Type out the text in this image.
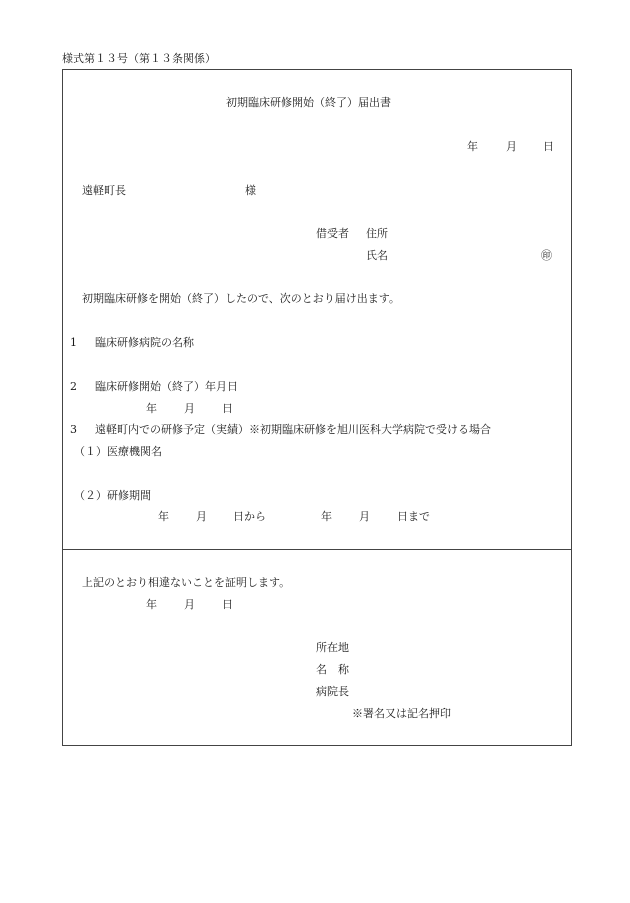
様式第１３号（第１３条関係）
初期臨床研修開始（終了）届出書
年	月 日
遠軽町長	様
借受者 住所
氏名	㊞
初期臨床研修を開始（終了）したので、次のとおり届け出ます。
1 臨床研修病院の名称
2 臨床研修開始（終了）年月日
年 月 日
3 遠軽町内での研修予定（実績）※初期臨床研修を旭川医科大学病院で受ける場合
（１）医療機関名
（２）研修期間
年 月 日から	年 月 日まで
上記のとおり相違ないことを証明します。
年 月 日
所在地
名　称
病院長
※署名又は記名押印
